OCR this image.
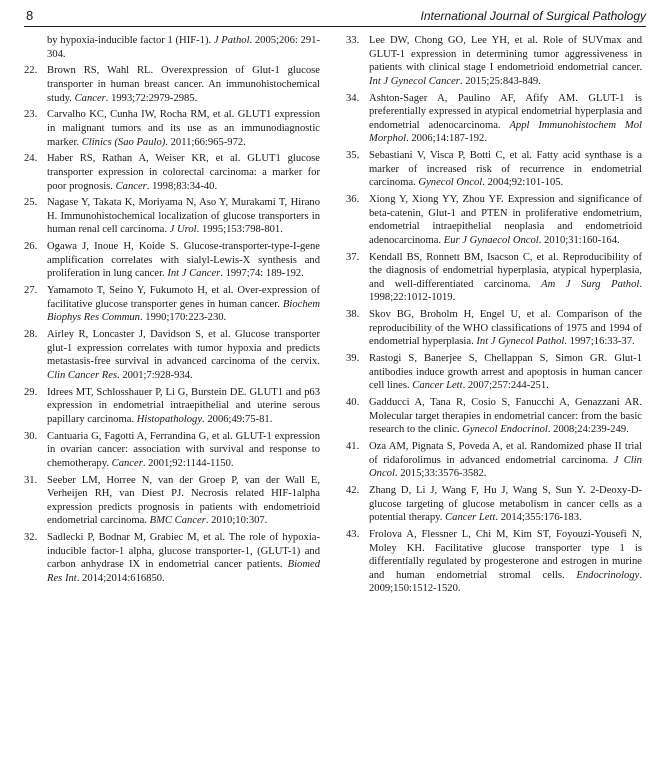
8	International Journal of Surgical Pathology
by hypoxia-inducible factor 1 (HIF-1). J Pathol. 2005;206: 291-304.
22. Brown RS, Wahl RL. Overexpression of Glut-1 glucose transporter in human breast cancer. An immunohistochemical study. Cancer. 1993;72:2979-2985.
23. Carvalho KC, Cunha IW, Rocha RM, et al. GLUT1 expression in malignant tumors and its use as an immunodiagnostic marker. Clinics (Sao Paulo). 2011;66:965-972.
24. Haber RS, Rathan A, Weiser KR, et al. GLUT1 glucose transporter expression in colorectal carcinoma: a marker for poor prognosis. Cancer. 1998;83:34-40.
25. Nagase Y, Takata K, Moriyama N, Aso Y, Murakami T, Hirano H. Immunohistochemical localization of glucose transporters in human renal cell carcinoma. J Urol. 1995;153:798-801.
26. Ogawa J, Inoue H, Koide S. Glucose-transporter-type-I-gene amplification correlates with sialyl-Lewis-X synthesis and proliferation in lung cancer. Int J Cancer. 1997;74: 189-192.
27. Yamamoto T, Seino Y, Fukumoto H, et al. Over-expression of facilitative glucose transporter genes in human cancer. Biochem Biophys Res Commun. 1990;170:223-230.
28. Airley R, Loncaster J, Davidson S, et al. Glucose transporter glut-1 expression correlates with tumor hypoxia and predicts metastasis-free survival in advanced carcinoma of the cervix. Clin Cancer Res. 2001;7:928-934.
29. Idrees MT, Schlosshauer P, Li G, Burstein DE. GLUT1 and p63 expression in endometrial intraepithelial and uterine serous papillary carcinoma. Histopathology. 2006;49:75-81.
30. Cantuaria G, Fagotti A, Ferrandina G, et al. GLUT-1 expression in ovarian cancer: association with survival and response to chemotherapy. Cancer. 2001;92:1144-1150.
31. Seeber LM, Horree N, van der Groep P, van der Wall E, Verheijen RH, van Diest PJ. Necrosis related HIF-1alpha expression predicts prognosis in patients with endometrioid endometrial carcinoma. BMC Cancer. 2010;10:307.
32. Sadlecki P, Bodnar M, Grabiec M, et al. The role of hypoxia-inducible factor-1 alpha, glucose transporter-1, (GLUT-1) and carbon anhydrase IX in endometrial cancer patients. Biomed Res Int. 2014;2014:616850.
33. Lee DW, Chong GO, Lee YH, et al. Role of SUVmax and GLUT-1 expression in determining tumor aggressiveness in patients with clinical stage I endometrioid endometrial cancer. Int J Gynecol Cancer. 2015;25:843-849.
34. Ashton-Sager A, Paulino AF, Afify AM. GLUT-1 is preferentially expressed in atypical endometrial hyperplasia and endometrial adenocarcinoma. Appl Immunohistochem Mol Morphol. 2006;14:187-192.
35. Sebastiani V, Visca P, Botti C, et al. Fatty acid synthase is a marker of increased risk of recurrence in endometrial carcinoma. Gynecol Oncol. 2004;92:101-105.
36. Xiong Y, Xiong YY, Zhou YF. Expression and significance of beta-catenin, Glut-1 and PTEN in proliferative endometrium, endometrial intraepithelial neoplasia and endometrioid adenocarcinoma. Eur J Gynaecol Oncol. 2010;31:160-164.
37. Kendall BS, Ronnett BM, Isacson C, et al. Reproducibility of the diagnosis of endometrial hyperplasia, atypical hyperplasia, and well-differentiated carcinoma. Am J Surg Pathol. 1998;22:1012-1019.
38. Skov BG, Broholm H, Engel U, et al. Comparison of the reproducibility of the WHO classifications of 1975 and 1994 of endometrial hyperplasia. Int J Gynecol Pathol. 1997;16:33-37.
39. Rastogi S, Banerjee S, Chellappan S, Simon GR. Glut-1 antibodies induce growth arrest and apoptosis in human cancer cell lines. Cancer Lett. 2007;257:244-251.
40. Gadducci A, Tana R, Cosio S, Fanucchi A, Genazzani AR. Molecular target therapies in endometrial cancer: from the basic research to the clinic. Gynecol Endocrinol. 2008;24:239-249.
41. Oza AM, Pignata S, Poveda A, et al. Randomized phase II trial of ridaforolimus in advanced endometrial carcinoma. J Clin Oncol. 2015;33:3576-3582.
42. Zhang D, Li J, Wang F, Hu J, Wang S, Sun Y. 2-Deoxy-D-glucose targeting of glucose metabolism in cancer cells as a potential therapy. Cancer Lett. 2014;355:176-183.
43. Frolova A, Flessner L, Chi M, Kim ST, Foyouzi-Yousefi N, Moley KH. Facilitative glucose transporter type 1 is differentially regulated by progesterone and estrogen in murine and human endometrial stromal cells. Endocrinology. 2009;150:1512-1520.
